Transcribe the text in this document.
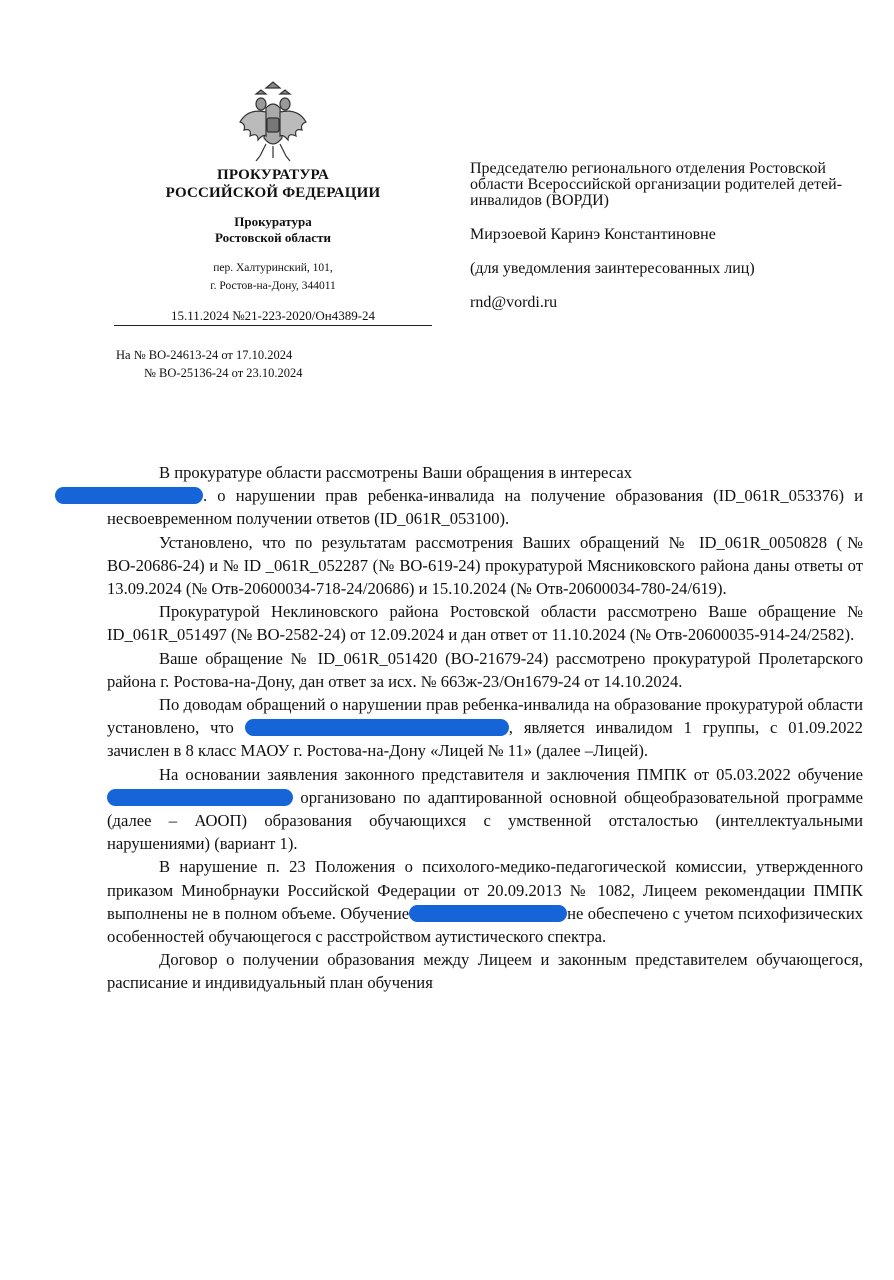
ПРОКУРАТУРА
РОССИЙСКОЙ ФЕДЕРАЦИИ
Прокуратура
Ростовской области
пер. Халтуринский, 101,
г. Ростов-на-Дону, 344011
15.11.2024 №21-223-2020/Он4389-24
На № ВО-24613-24 от 17.10.2024
№ ВО-25136-24 от 23.10.2024
Председателю регионального отделения Ростовской области Всероссийской организации родителей детей-инвалидов (ВОРДИ)
Мирзоевой Каринэ Константиновне
(для уведомления заинтересованных лиц)
rnd@vordi.ru

В прокуратуре области рассмотрены Ваши обращения в интересах
. о нарушении прав ребенка-инвалида на получение образования (ID_061R_053376) и несвоевременном получении ответов (ID_061R_053100).

Установлено, что по результатам рассмотрения Ваших обращений № ID_061R_0050828 (№ ВО-20686-24) и № ID _061R_052287 (№ ВО-619-24) прокуратурой Мясниковского района даны ответы от 13.09.2024 (№ Отв-20600034-718-24/20686) и 15.10.2024 (№ Отв-20600034-780-24/619).

Прокуратурой Неклиновского района Ростовской области рассмотрено Ваше обращение № ID_061R_051497 (№ ВО-2582-24) от 12.09.2024 и дан ответ от 11.10.2024 (№ Отв-20600035-914-24/2582).

Ваше обращение № ID_061R_051420 (ВО-21679-24) рассмотрено прокуратурой Пролетарского района г. Ростова-на-Дону, дан ответ за исх. № 663ж-23/Он1679-24 от 14.10.2024.

По доводам обращений о нарушении прав ребенка-инвалида на образование прокуратурой области установлено, что	, является инвалидом 1 группы, с 01.09.2022 зачислен в 8 класс МАОУ г. Ростова-на-Дону «Лицей № 11» (далее –Лицей).

На основании заявления законного представителя и заключения ПМПК от 05.03.2022 обучение организовано по адаптированной основной общеобразовательной программе (далее – АООП) образования обучающихся с умственной отсталостью (интеллектуальными нарушениями) (вариант 1).

В нарушение п. 23 Положения о психолого-медико-педагогической комиссии, утвержденного приказом Минобрнауки Российской Федерации от 20.09.2013 № 1082, Лицеем рекомендации ПМПК выполнены не в полном объеме. Обучение	не обеспечено с учетом психофизических особенностей обучающегося с расстройством аутистического спектра.

Договор о получении образования между Лицеем и законным представителем обучающегося, расписание и индивидуальный план обучения
